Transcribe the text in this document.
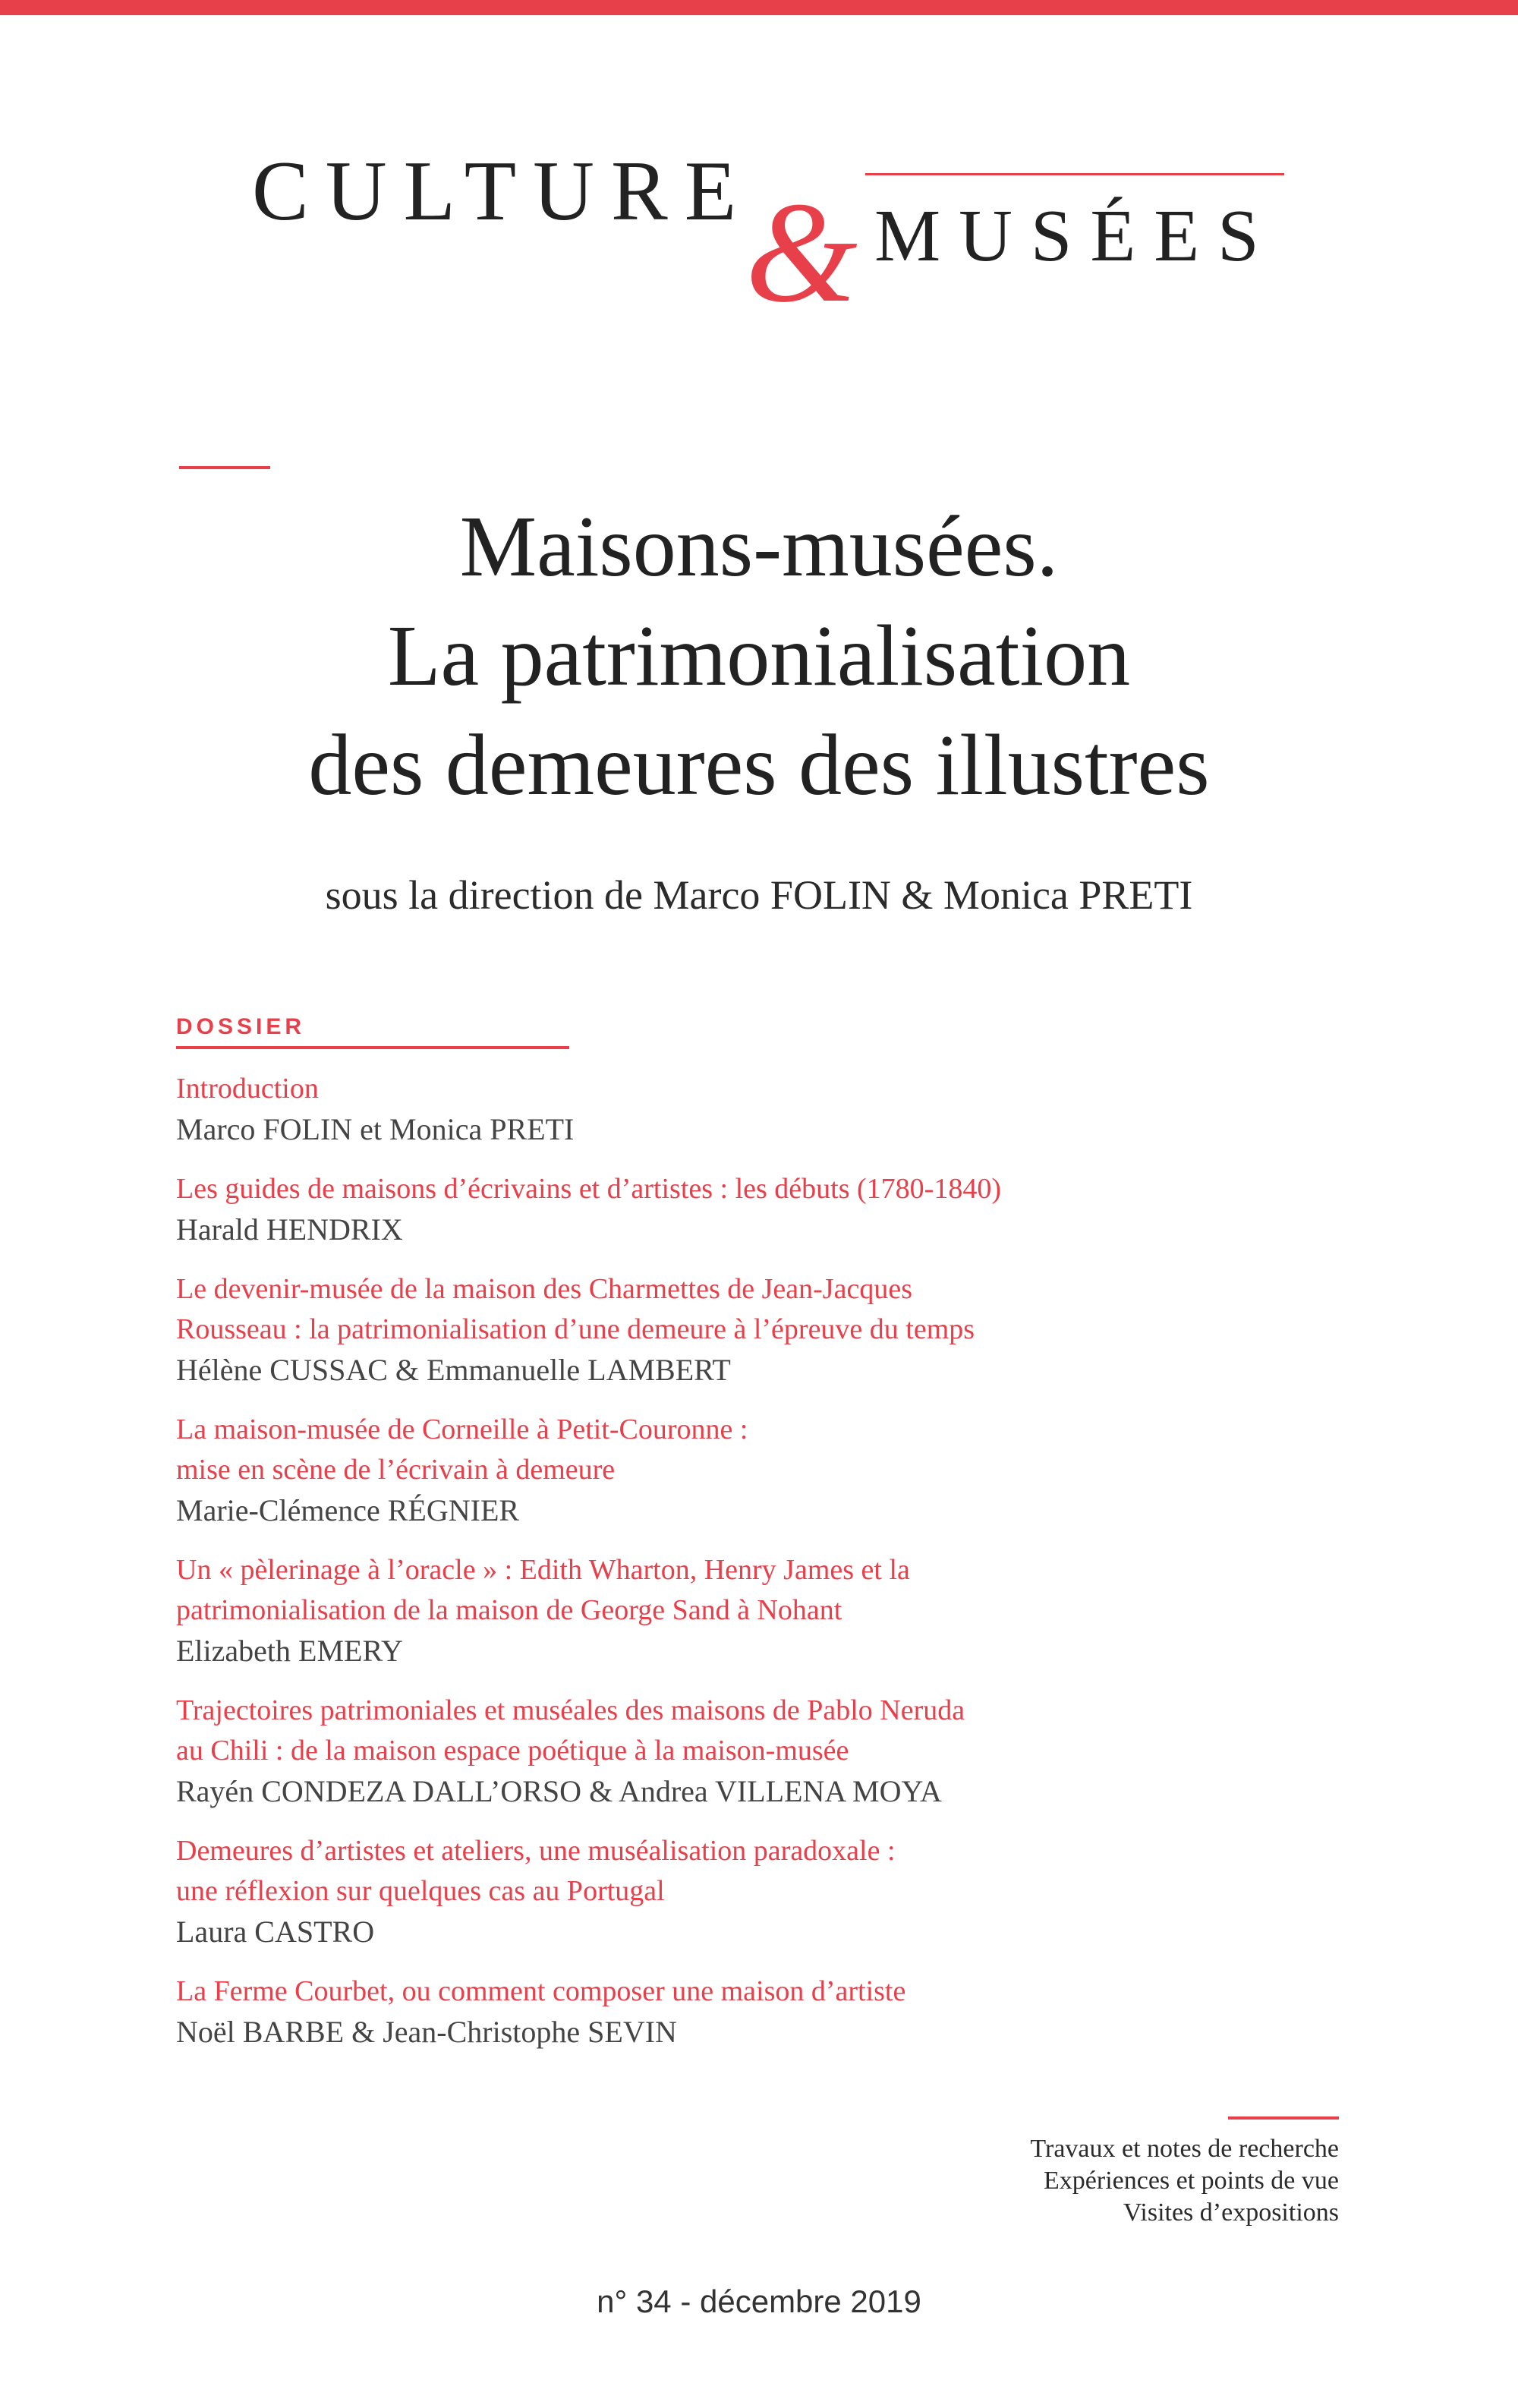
CULTURE
& MUSÉES
Maisons-musées.
La patrimonialisation
des demeures des illustres
sous la direction de Marco FOLIN & Monica PRETI
DOSSIER
Introduction
Marco FOLIN et Monica PRETI
Les guides de maisons d’écrivains et d’artistes : les débuts (1780-1840)
Harald HENDRIX
Le devenir-musée de la maison des Charmettes de Jean-Jacques
Rousseau : la patrimonialisation d’une demeure à l’épreuve du temps
Hélène CUSSAC & Emmanuelle LAMBERT
La maison-musée de Corneille à Petit-Couronne :
mise en scène de l’écrivain à demeure
Marie-Clémence RÉGNIER
Un « pèlerinage à l’oracle » : Edith Wharton, Henry James et la
patrimonialisation de la maison de George Sand à Nohant
Elizabeth EMERY
Trajectoires patrimoniales et muséales des maisons de Pablo Neruda
au Chili : de la maison espace poétique à la maison-musée
Rayén CONDEZA DALL’ORSO & Andrea VILLENA MOYA
Demeures d’artistes et ateliers, une muséalisation paradoxale :
une réflexion sur quelques cas au Portugal
Laura CASTRO
La Ferme Courbet, ou comment composer une maison d’artiste
Noël BARBE & Jean-Christophe SEVIN
Travaux et notes de recherche
Expériences et points de vue
Visites d’expositions
n° 34 - décembre 2019
